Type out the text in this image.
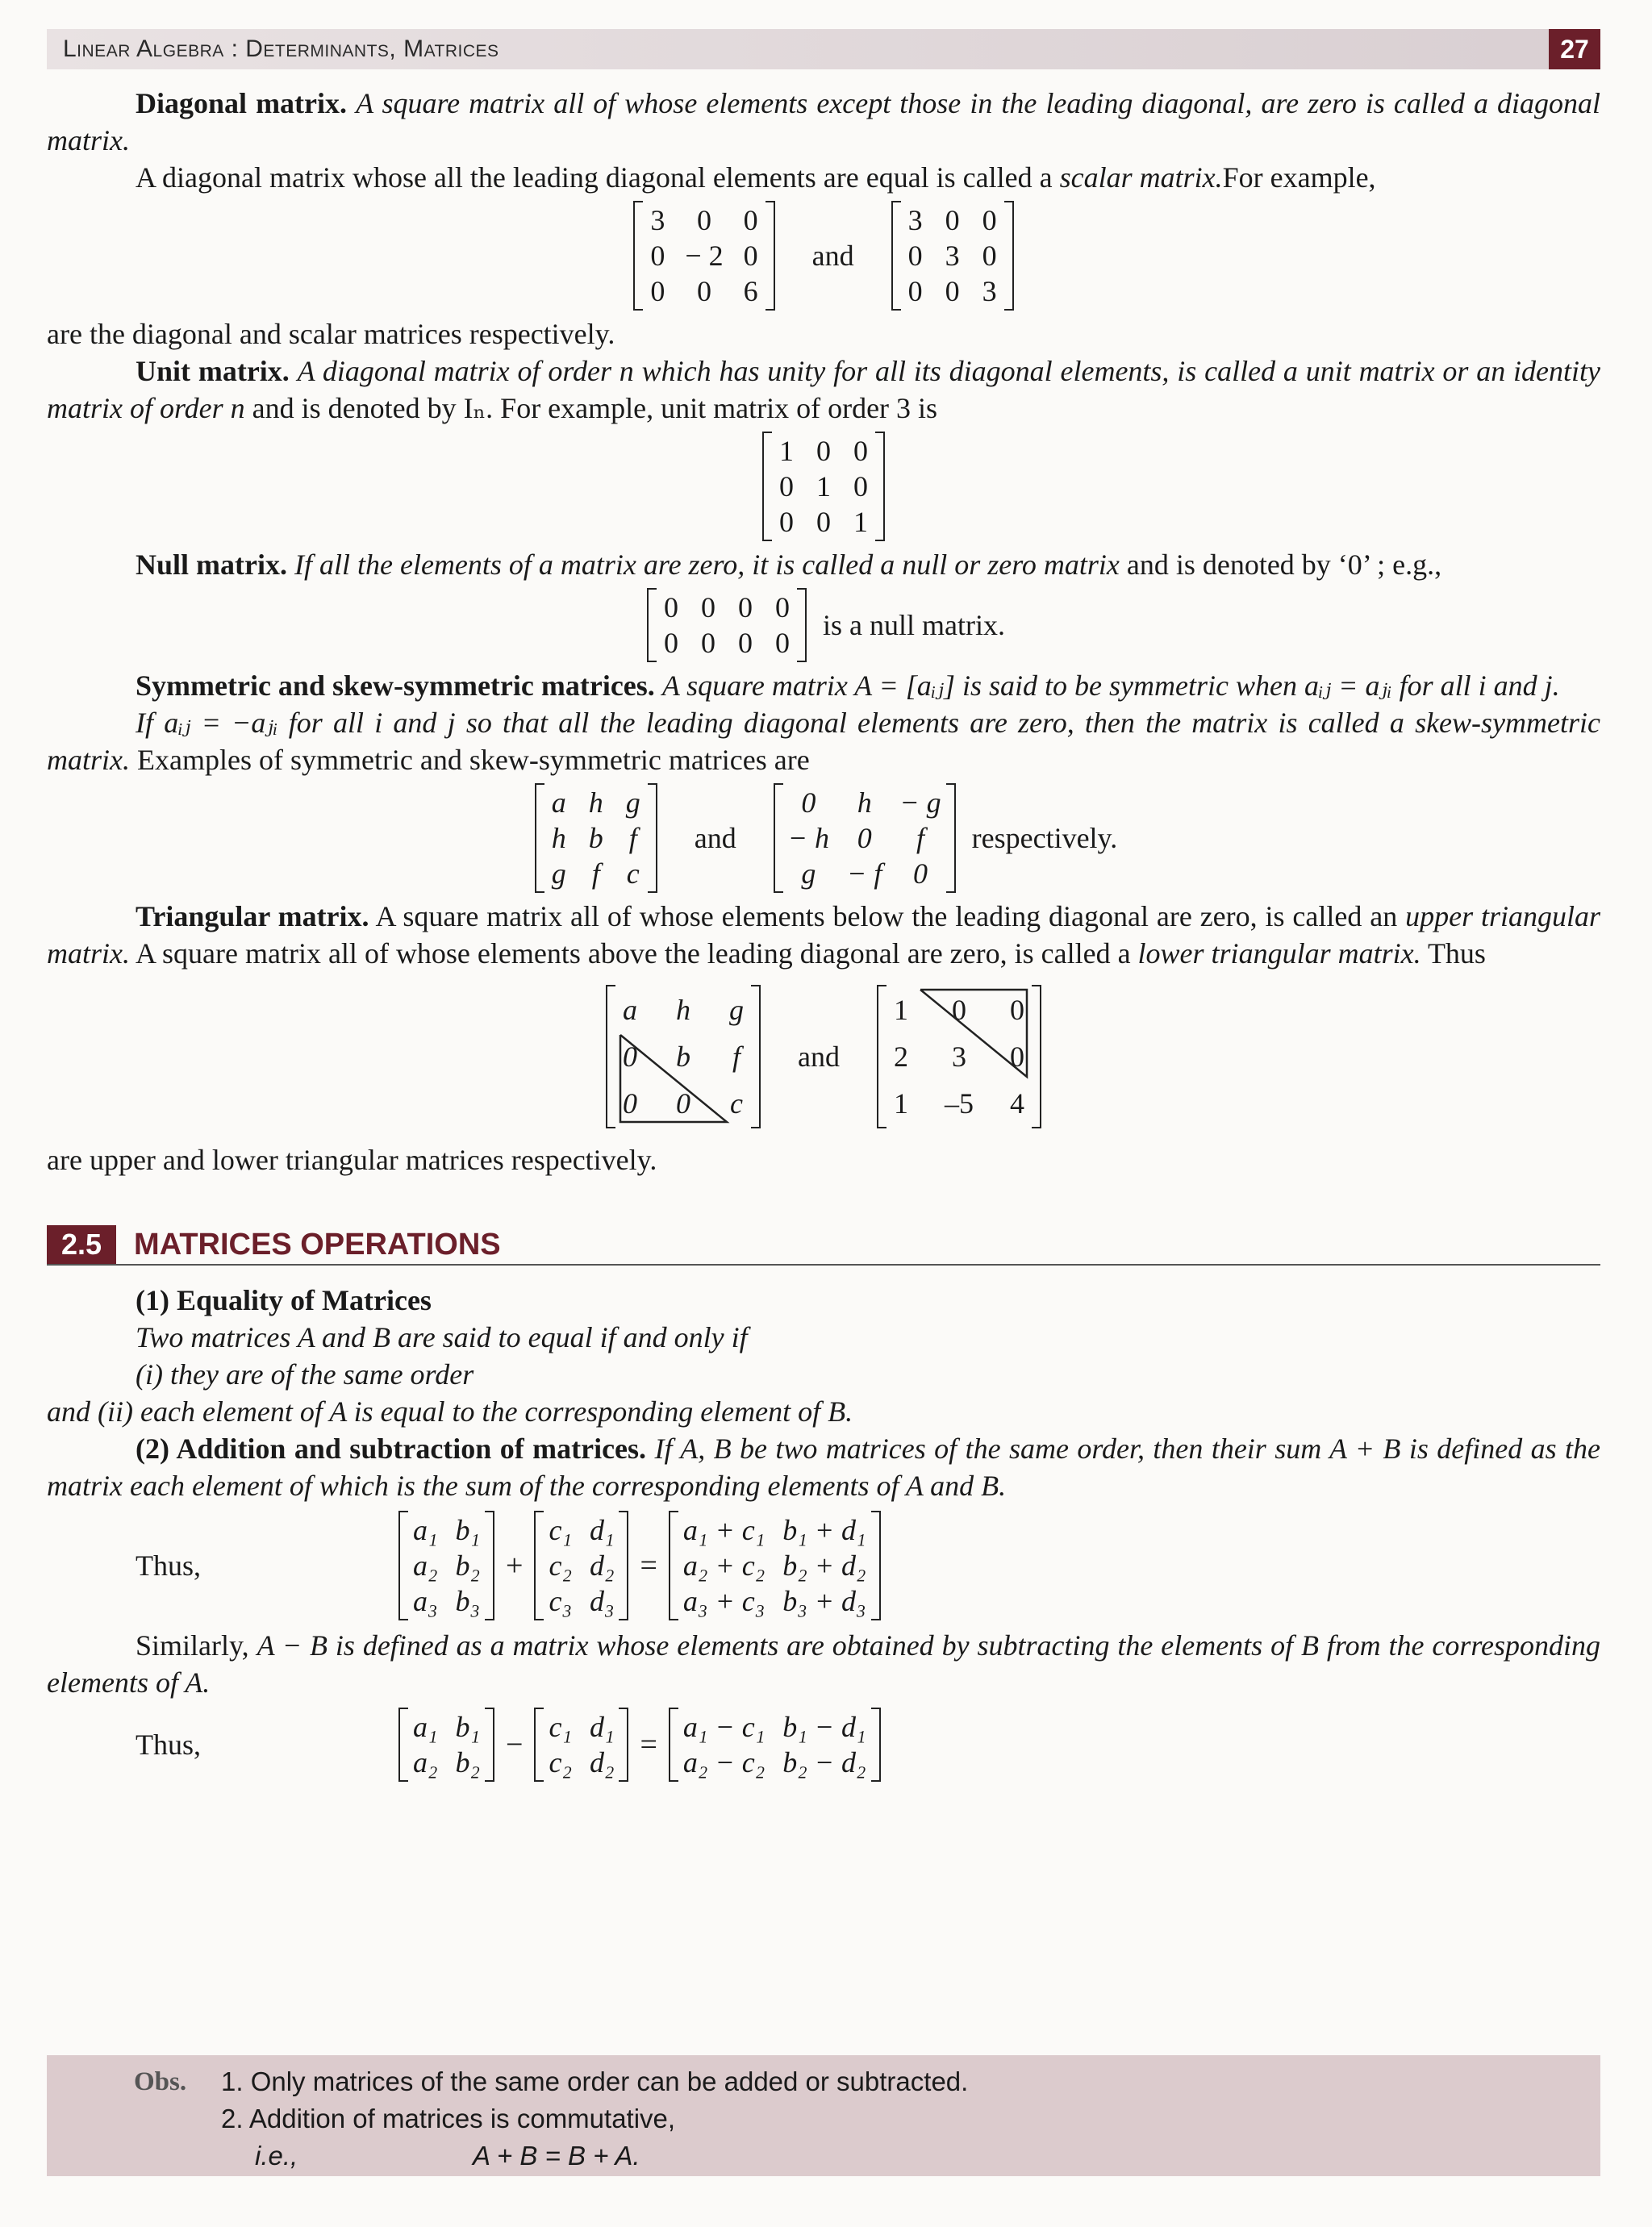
Linear Algebra : Determinants, Matrices	27

Diagonal matrix. A square matrix all of whose elements except those in the leading diagonal, are zero is called a diagonal matrix.

A diagonal matrix whose all the leading diagonal elements are equal is called a scalar matrix.For example,

3	0	0
0 − 2 0
0	0	6
and
3 0 0
0 3 0
0 0 3

are the diagonal and scalar matrices respectively.

Unit matrix. A diagonal matrix of order n which has unity for all its diagonal elements, is called a unit matrix or an identity matrix of order n and is denoted by Iₙ. For example, unit matrix of order 3 is

1 0 0
0 1 0
0 0 1

Null matrix. If all the elements of a matrix are zero, it is called a null or zero matrix and is denoted by ‘0’ ; e.g.,

0 0 0 0
0 0 0 0
is a null matrix.

Symmetric and skew-symmetric matrices. A square matrix A = [aᵢⱼ] is said to be symmetric when aᵢⱼ = aⱼᵢ for all i and j.

If aᵢⱼ = −aⱼᵢ for all i and j so that all the leading diagonal elements are zero, then the matrix is called a skew-symmetric matrix. Examples of symmetric and skew-symmetric matrices are

a h g
h b f
g f c
and
0	h − g
− h 0	f
g	− f	0
respectively.

Triangular matrix. A square matrix all of whose elements below the leading diagonal are zero, is called an upper triangular matrix. A square matrix all of whose elements above the leading diagonal are zero, is called a lower triangular matrix. Thus

a h g
0 b f
0 0 c
and
1 0 0
2 3 0
1 –5 4

are upper and lower triangular matrices respectively.

2.5	MATRICES OPERATIONS

(1) Equality of Matrices

Two matrices A and B are said to equal if and only if

(i) they are of the same order

and (ii) each element of A is equal to the corresponding element of B.

(2) Addition and subtraction of matrices. If A, B be two matrices of the same order, then their sum A + B is defined as the matrix each element of which is the sum of the corresponding elements of A and B.

Thus,
a₁ b₁
a₂ b₂
a₃ b₃
+
c₁ d₁
c₂ d₂
c₃ d₃
=
a₁ + c₁ b₁ + d₁
a₂ + c₂ b₂ + d₂
a₃ + c₃ b₃ + d₃

Similarly, A − B is defined as a matrix whose elements are obtained by subtracting the elements of B from the corresponding elements of A.

Thus,
a₁ b₁
a₂ b₂
−
c₁ d₁
c₂ d₂
=
a₁ − c₁ b₁ − d₁
a₂ − c₂ b₂ − d₂
Obs. 1. Only matrices of the same order can be added or subtracted.
2. Addition of matrices is commutative,
i.e.,	A + B = B + A.
